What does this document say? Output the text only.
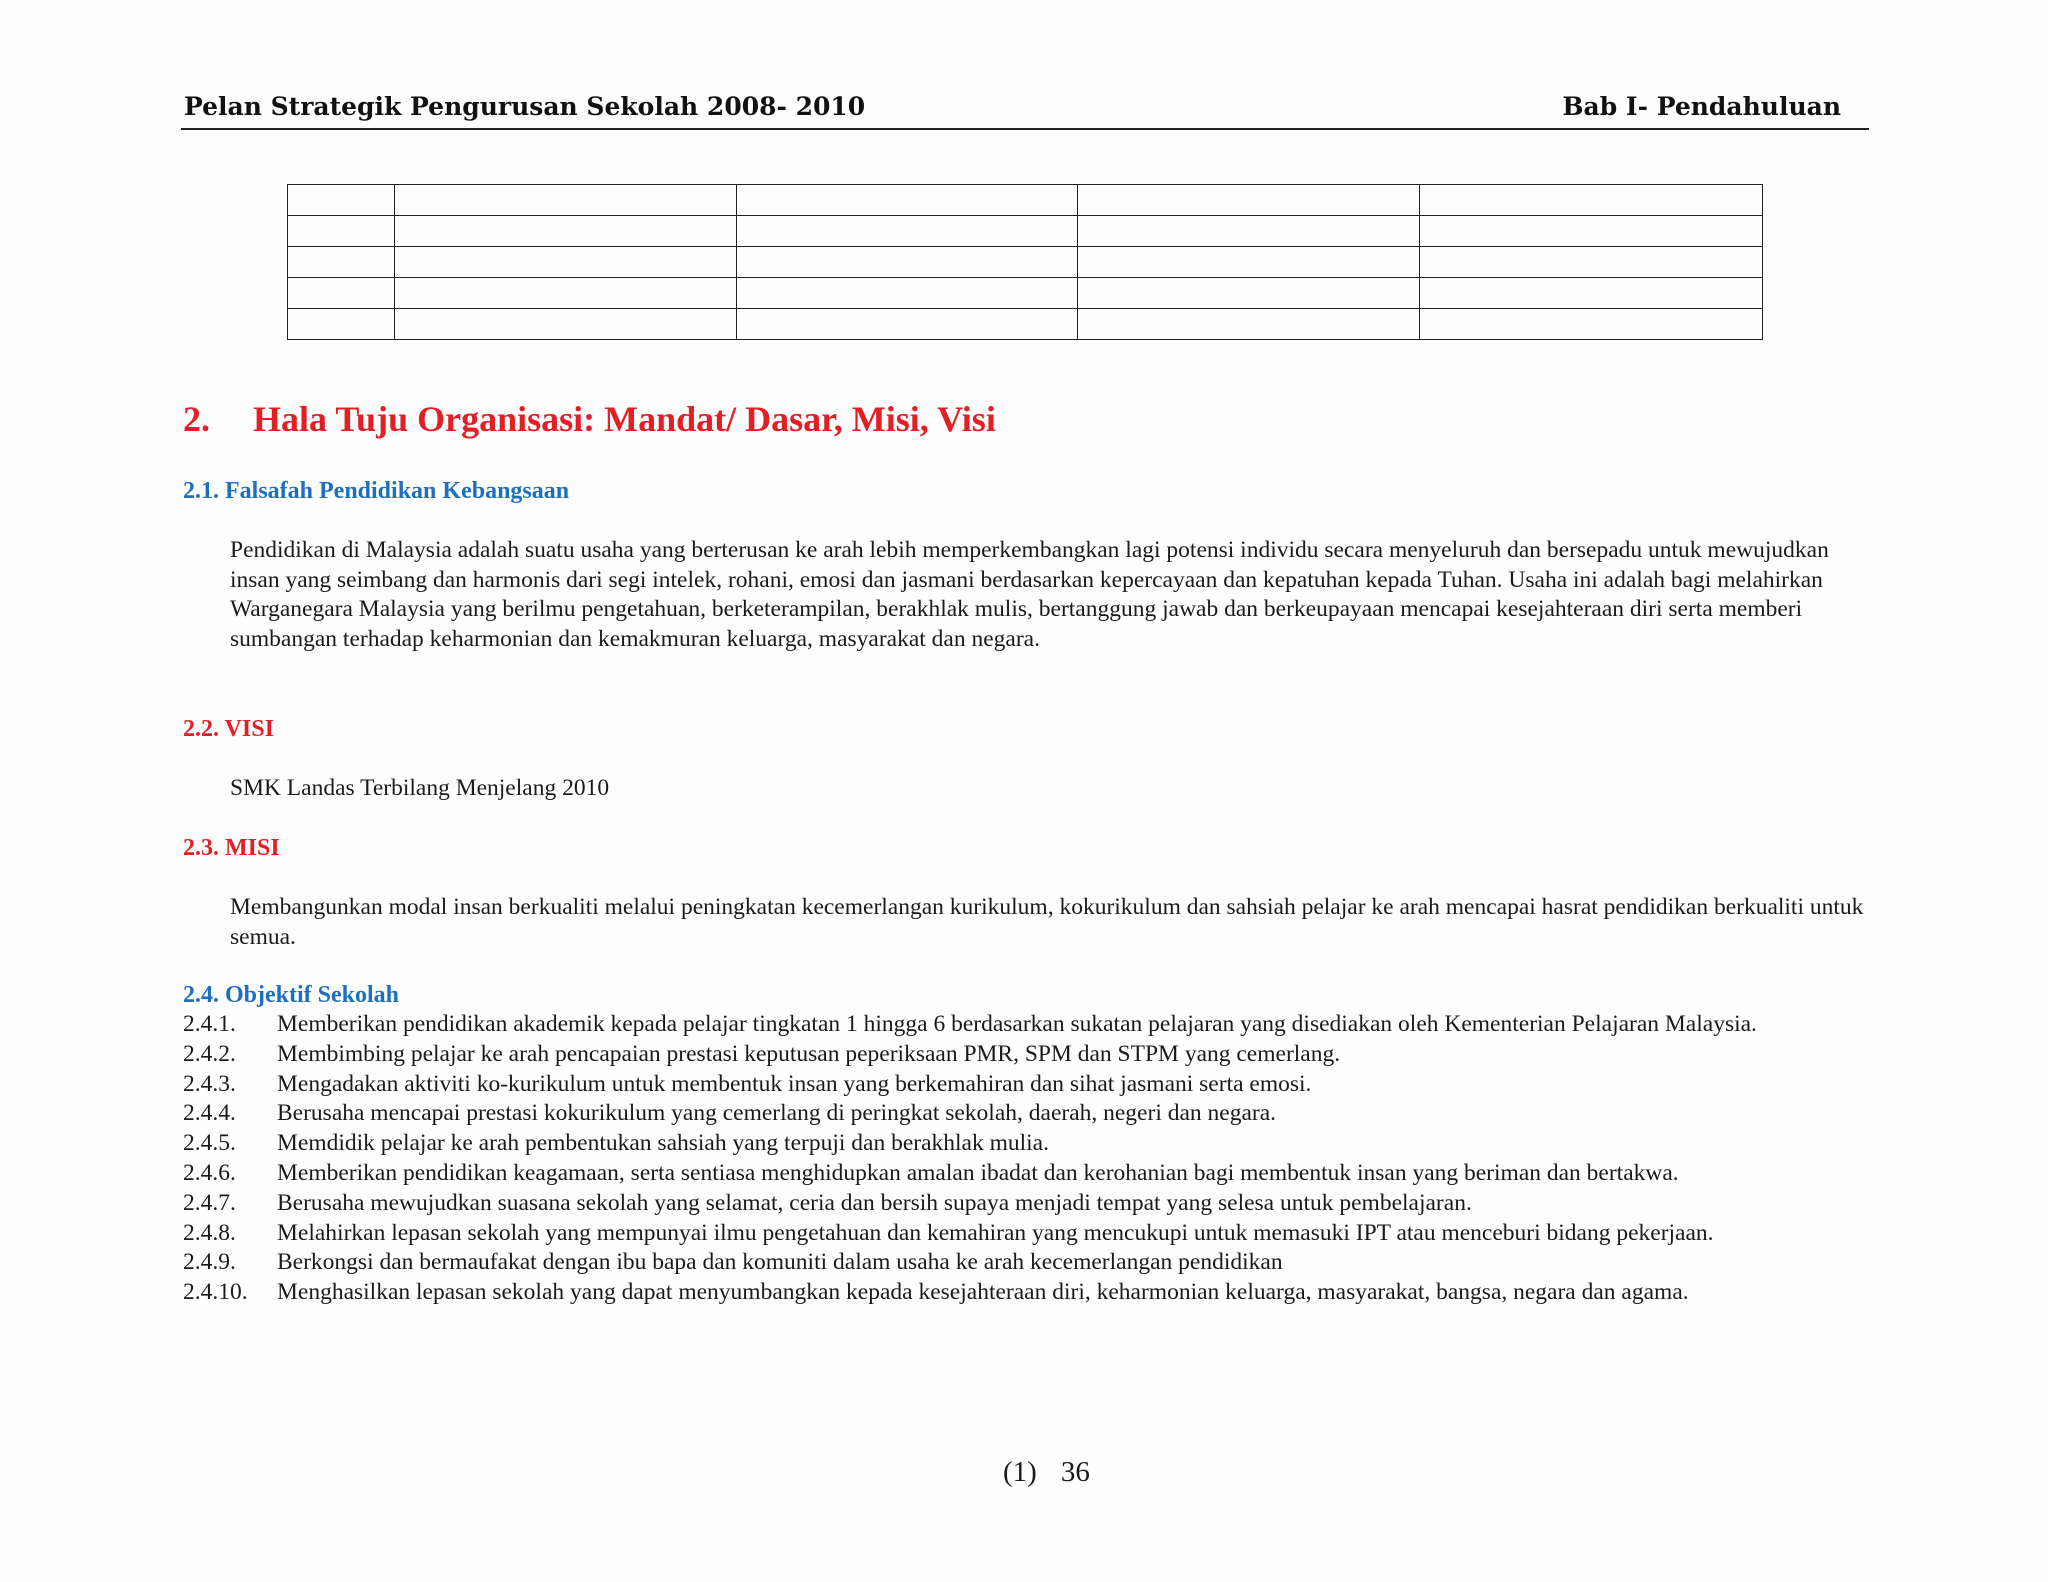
Pelan Strategik Pengurusan Sekolah 2008- 2010	Bab I- Pendahuluan

2. Hala Tuju Organisasi: Mandat/ Dasar, Misi, Visi
2.1. Falsafah Pendidikan Kebangsaan
Pendidikan di Malaysia adalah suatu usaha yang berterusan ke arah lebih memperkembangkan lagi potensi individu secara menyeluruh dan bersepadu untuk mewujudkan insan yang seimbang dan harmonis dari segi intelek, rohani, emosi dan jasmani berdasarkan kepercayaan dan kepatuhan kepada Tuhan. Usaha ini adalah bagi melahirkan Warganegara Malaysia yang berilmu pengetahuan, berketerampilan, berakhlak mulis, bertanggung jawab dan berkeupayaan mencapai kesejahteraan diri serta memberi sumbangan terhadap keharmonian dan kemakmuran keluarga, masyarakat dan negara.
2.2. VISI
SMK Landas Terbilang Menjelang 2010
2.3. MISI
Membangunkan modal insan berkualiti melalui peningkatan kecemerlangan kurikulum, kokurikulum dan sahsiah pelajar ke arah mencapai hasrat pendidikan berkualiti untuk semua.
2.4. Objektif Sekolah
2.4.1.	Memberikan pendidikan akademik kepada pelajar tingkatan 1 hingga 6 berdasarkan sukatan pelajaran yang disediakan oleh Kementerian Pelajaran Malaysia.
2.4.2.	Membimbing pelajar ke arah pencapaian prestasi keputusan peperiksaan PMR, SPM dan STPM yang cemerlang.
2.4.3.	Mengadakan aktiviti ko-kurikulum untuk membentuk insan yang berkemahiran dan sihat jasmani serta emosi.
2.4.4.	Berusaha mencapai prestasi kokurikulum yang cemerlang di peringkat sekolah, daerah, negeri dan negara.
2.4.5.	Memdidik pelajar ke arah pembentukan sahsiah yang terpuji dan berakhlak mulia.
2.4.6.	Memberikan pendidikan keagamaan, serta sentiasa menghidupkan amalan ibadat dan kerohanian bagi membentuk insan yang beriman dan bertakwa.
2.4.7.	Berusaha mewujudkan suasana sekolah yang selamat, ceria dan bersih supaya menjadi tempat yang selesa untuk pembelajaran.
2.4.8.	Melahirkan lepasan sekolah yang mempunyai ilmu pengetahuan dan kemahiran yang mencukupi untuk memasuki IPT atau menceburi bidang pekerjaan.
2.4.9.	Berkongsi dan bermaufakat dengan ibu bapa dan komuniti dalam usaha ke arah kecemerlangan pendidikan
2.4.10.	Menghasilkan lepasan sekolah yang dapat menyumbangkan kepada kesejahteraan diri, keharmonian keluarga, masyarakat, bangsa, negara dan agama.
(1) 36
